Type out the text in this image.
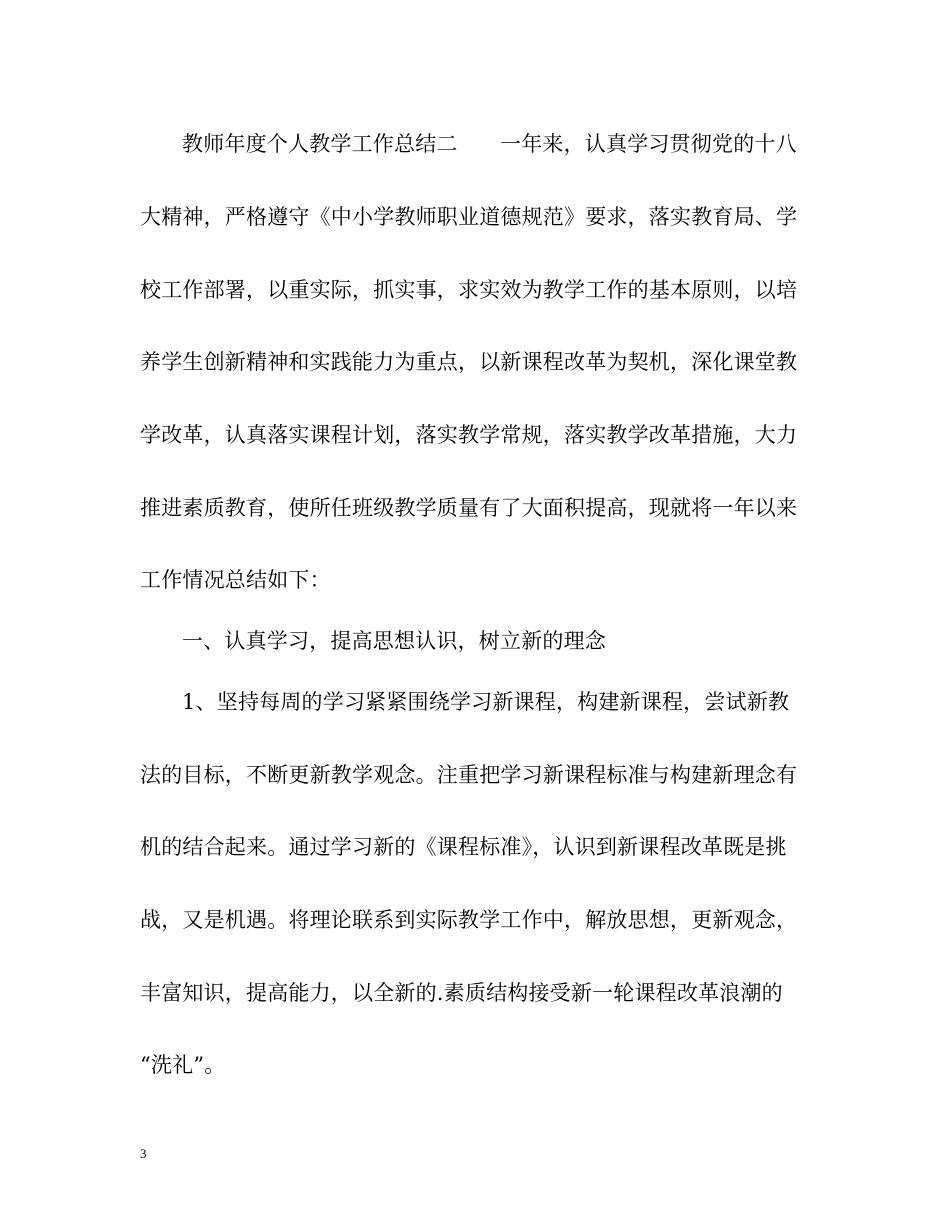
教师年度个人教学工作总结二　　一年来，认真学习贯彻党的十八
大精神，严格遵守《中小学教师职业道德规范》要求，落实教育局、学
校工作部署，以重实际，抓实事，求实效为教学工作的基本原则，以培
养学生创新精神和实践能力为重点，以新课程改革为契机，深化课堂教
学改革，认真落实课程计划，落实教学常规，落实教学改革措施，大力
推进素质教育，使所任班级教学质量有了大面积提高，现就将一年以来
工作情况总结如下：
一、认真学习，提高思想认识，树立新的理念
1、坚持每周的学习紧紧围绕学习新课程，构建新课程，尝试新教
法的目标，不断更新教学观念。注重把学习新课程标准与构建新理念有
机的结合起来。通过学习新的《课程标准》，认识到新课程改革既是挑
战，又是机遇。将理论联系到实际教学工作中，解放思想，更新观念，
丰富知识，提高能力，以全新的.素质结构接受新一轮课程改革浪潮的
“洗礼”。
3
